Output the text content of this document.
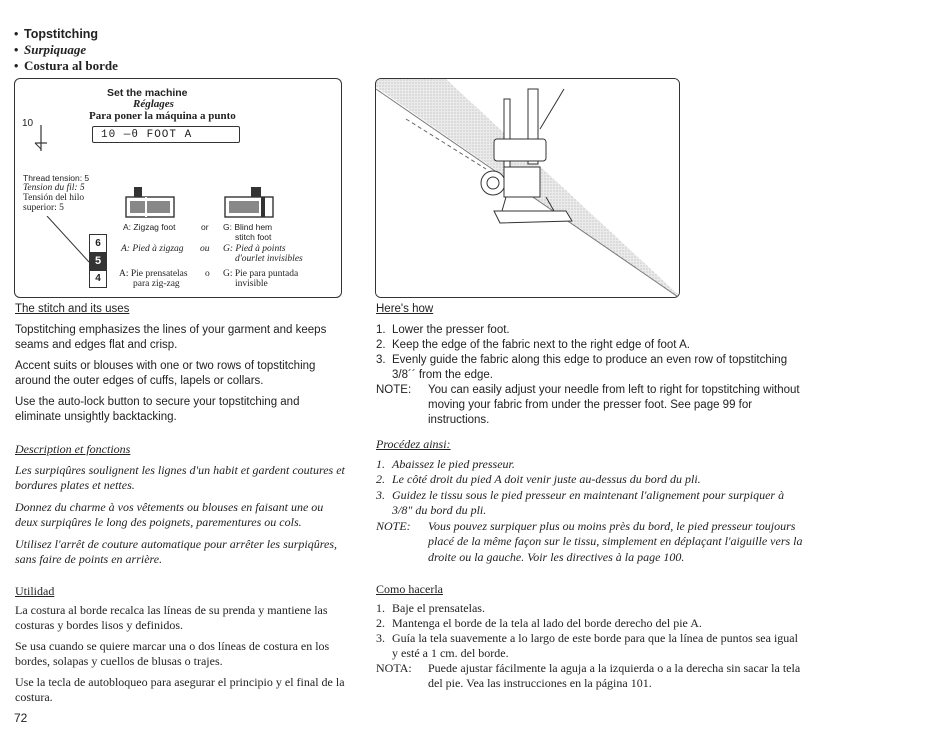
• Topstitching
• Surpiquage
• Costura al borde
Set the machine
Réglages
Para poner la máquina a punto
10
10 —θ FOOT A
Thread tension: 5
Tension du fil: 5
Tensión del hilo
superior: 5
6
5
4
A: Zigzag foot	or G: Blind hem
stitch foot
A: Pied à zigzag ou G: Pied à points
d'ourlet invisibles
A: Pie prensatelas
para zig-zag
o G: Pie para puntada
invisible

The stitch and its uses

Topstitching emphasizes the lines of your garment and keeps seams and edges flat and crisp.

Accent suits or blouses with one or two rows of topstitching around the outer edges of cuffs, lapels or collars.

Use the auto-lock button to secure your topstitching and eliminate unsightly backtacking.

Description et fonctions

Les surpiqûres soulignent les lignes d'un habit et gardent coutures et bordures plates et nettes.

Donnez du charme à vos vêtements ou blouses en faisant une ou deux surpiqûres le long des poignets, parementures ou cols.

Utilisez l'arrêt de couture automatique pour arrêter les surpiqûres, sans faire de points en arrière.

Utilidad

La costura al borde recalca las líneas de su prenda y mantiene las costuras y bordes lisos y definidos.

Se usa cuando se quiere marcar una o dos líneas de costura en los bordes, solapas y cuellos de blusas o trajes.

Use la tecla de autobloqueo para asegurar el principio y el final de la costura.

Here's how

1. Lower the presser foot.
2. Keep the edge of the fabric next to the right edge of foot A.
3. Evenly guide the fabric along this edge to produce an even row of topstitching 3/8´´ from the edge.
NOTE: You can easily adjust your needle from left to right for topstitching without moving your fabric from under the presser foot. See page 99 for instructions.

Procédez ainsi:

1. Abaissez le pied presseur.
2. Le côté droit du pied A doit venir juste au-dessus du bord du pli.
3. Guidez le tissu sous le pied presseur en maintenant l'alignement pour surpiquer à 3/8" du bord du pli.
NOTE: Vous pouvez surpiquer plus ou moins près du bord, le pied presseur toujours placé de la même façon sur le tissu, simplement en déplaçant l'aiguille vers la droite ou la gauche. Voir les directives à la page 100.

Como hacerla

1. Baje el prensatelas.
2. Mantenga el borde de la tela al lado del borde derecho del pie A.
3. Guía la tela suavemente a lo largo de este borde para que la línea de puntos sea igual y esté a 1 cm. del borde.
NOTA: Puede ajustar fácilmente la aguja a la izquierda o a la derecha sin sacar la tela del pie. Vea las instrucciones en la página 101.
72
